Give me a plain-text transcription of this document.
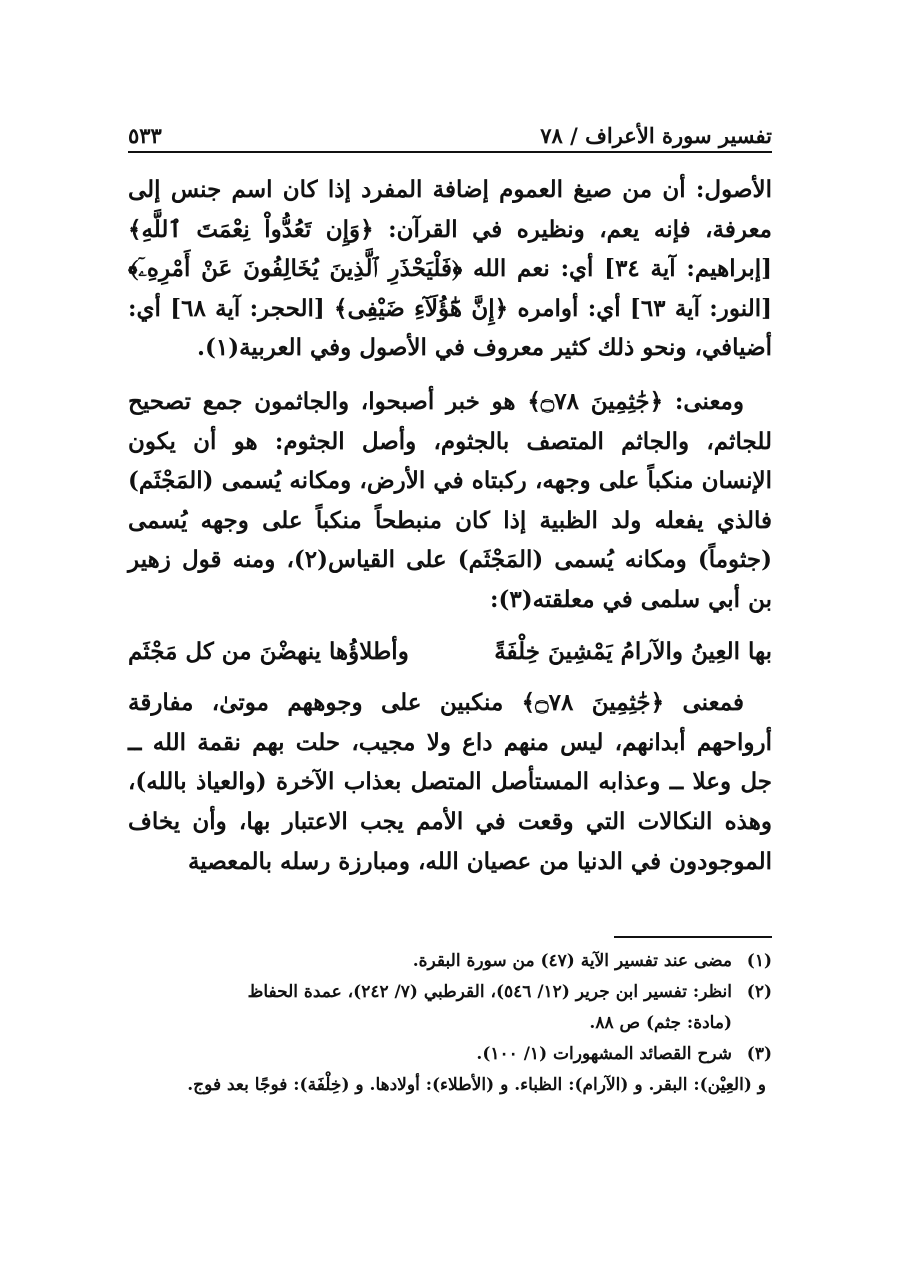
تفسير سورة الأعراف / ٧٨
٥٣٣

الأصول: أن من صيغ العموم إضافة المفرد إذا كان اسم جنس إلى معرفة، فإنه يعم، ونظيره في القرآن: ﴿وَإِن تَعُدُّواْ نِعْمَتَ ٱللَّهِ﴾ [إبراهيم: آية ٣٤] أي: نعم الله ﴿فَلْيَحْذَرِ ٱلَّذِينَ يُخَالِفُونَ عَنْ أَمْرِهِۦٓ﴾ [النور: آية ٦٣] أي: أوامره ﴿إِنَّ هَٰٓؤُلَآءِ ضَيْفِى﴾ [الحجر: آية ٦٨] أي: أضيافي، ونحو ذلك كثير معروف في الأصول وفي العربية(١).

ومعنى: ﴿جَٰثِمِينَ ۝٧٨﴾ هو خبر أصبحوا، والجاثمون جمع تصحيح للجاثم، والجاثم المتصف بالجثوم، وأصل الجثوم: هو أن يكون الإنسان منكباً على وجهه، ركبتاه في الأرض، ومكانه يُسمى (المَجْثَم) فالذي يفعله ولد الظبية إذا كان منبطحاً منكباً على وجهه يُسمى (جثوماً) ومكانه يُسمى (المَجْثَم) على القياس(٢)، ومنه قول زهير بن أبي سلمى في معلقته(٣):

بها العِينُ والآرامُ يَمْشِينَ خِلْفَةً
وأطلاؤُها ينهضْنَ من كل مَجْثَم

فمعنى ﴿جَٰثِمِينَ ۝٧٨﴾ منكبين على وجوههم موتىٰ، مفارقة أرواحهم أبدانهم، ليس منهم داع ولا مجيب، حلت بهم نقمة الله ــ جل وعلا ــ وعذابه المستأصل المتصل بعذاب الآخرة (والعياذ بالله)، وهذه النكالات التي وقعت في الأمم يجب الاعتبار بها، وأن يخاف الموجودون في الدنيا من عصيان الله، ومبارزة رسله بالمعصية

(١)
مضى عند تفسير الآية (٤٧) من سورة البقرة.
(٢)
انظر: تفسير ابن جرير (١٢/ ٥٤٦)، القرطبي (٧/ ٢٤٢)، عمدة الحفاظ
(مادة: جثم) ص ٨٨.
(٣)
شرح القصائد المشهورات (١/ ١٠٠).
و (العِيْن): البقر. و (الآرام): الظباء. و (الأطلاء): أولادها. و (خِلْفَة): فوجًا بعد فوج.
